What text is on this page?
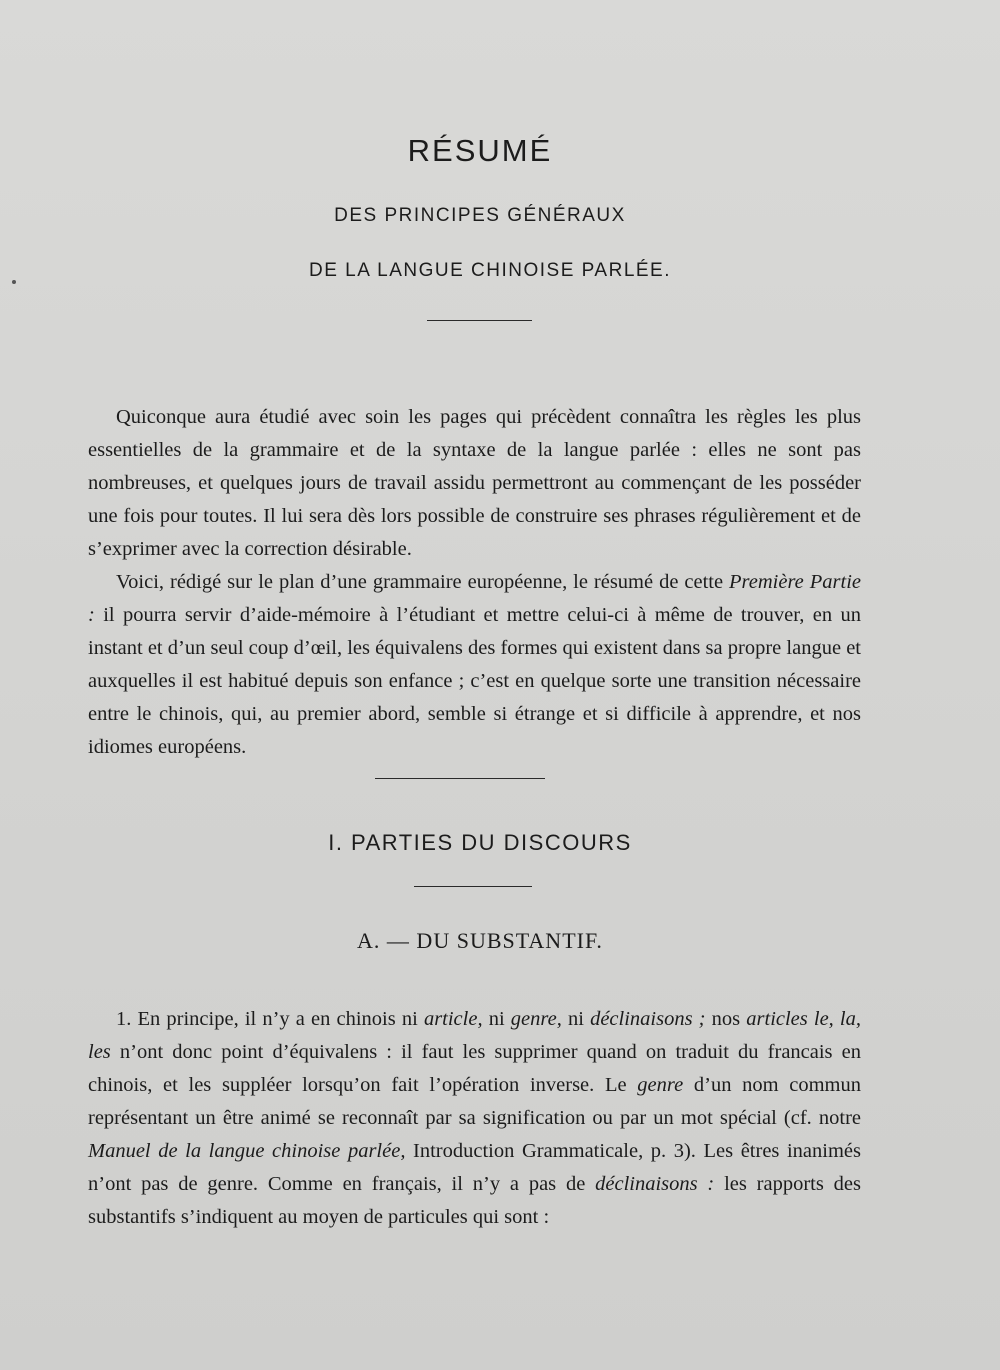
RÉSUMÉ
DES PRINCIPES GÉNÉRAUX
DE LA LANGUE CHINOISE PARLÉE.

Quiconque aura étudié avec soin les pages qui précèdent connaîtra les règles les plus essentielles de la grammaire et de la syntaxe de la langue parlée : elles ne sont pas nombreuses, et quelques jours de travail assidu permettront au commençant de les posséder une fois pour toutes. Il lui sera dès lors possible de construire ses phrases régulièrement et de s’exprimer avec la correction désirable.

Voici, rédigé sur le plan d’une grammaire européenne, le résumé de cette Première Partie : il pourra servir d’aide-mémoire à l’étudiant et mettre celui-ci à même de trouver, en un instant et d’un seul coup d’œil, les équivalens des formes qui existent dans sa propre langue et auxquelles il est habitué depuis son enfance ; c’est en quelque sorte une transition nécessaire entre le chinois, qui, au premier abord, semble si étrange et si difficile à apprendre, et nos idiomes européens.

I. PARTIES DU DISCOURS
A. — DU SUBSTANTIF.

1. En principe, il n’y a en chinois ni article, ni genre, ni déclinaisons ; nos articles le, la, les n’ont donc point d’équivalens : il faut les supprimer quand on traduit du francais en chinois, et les suppléer lorsqu’on fait l’opération inverse. Le genre d’un nom commun représentant un être animé se reconnaît par sa signification ou par un mot spécial (cf. notre Manuel de la langue chinoise parlée, Introduction Grammaticale, p. 3). Les êtres inanimés n’ont pas de genre. Comme en français, il n’y a pas de déclinaisons : les rapports des substantifs s’indiquent au moyen de particules qui sont :
